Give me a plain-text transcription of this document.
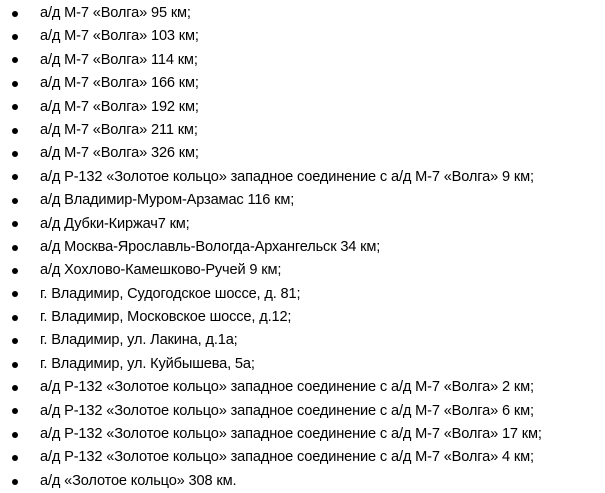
а/д М-7 «Волга» 95 км;
а/д М-7 «Волга» 103 км;
а/д М-7 «Волга» 114 км;
а/д М-7 «Волга» 166 км;
а/д М-7 «Волга» 192 км;
а/д М-7 «Волга» 211 км;
а/д М-7 «Волга» 326 км;
а/д Р-132 «Золотое кольцо» западное соединение с а/д М-7 «Волга» 9 км;
а/д Владимир-Муром-Арзамас 116 км;
а/д Дубки-Киржач7 км;
а/д Москва-Ярославль-Вологда-Архангельск 34 км;
а/д Хохлово-Камешково-Ручей 9 км;
г. Владимир, Судогодское шоссе, д. 81;
г. Владимир, Московское шоссе, д.12;
г. Владимир, ул. Лакина, д.1а;
г. Владимир, ул. Куйбышева, 5а;
а/д Р-132 «Золотое кольцо» западное соединение с а/д М-7 «Волга» 2 км;
а/д Р-132 «Золотое кольцо» западное соединение с а/д М-7 «Волга» 6 км;
а/д Р-132 «Золотое кольцо» западное соединение с а/д М-7 «Волга» 17 км;
а/д Р-132 «Золотое кольцо» западное соединение с а/д М-7 «Волга» 4 км;
а/д «Золотое кольцо» 308 км.
